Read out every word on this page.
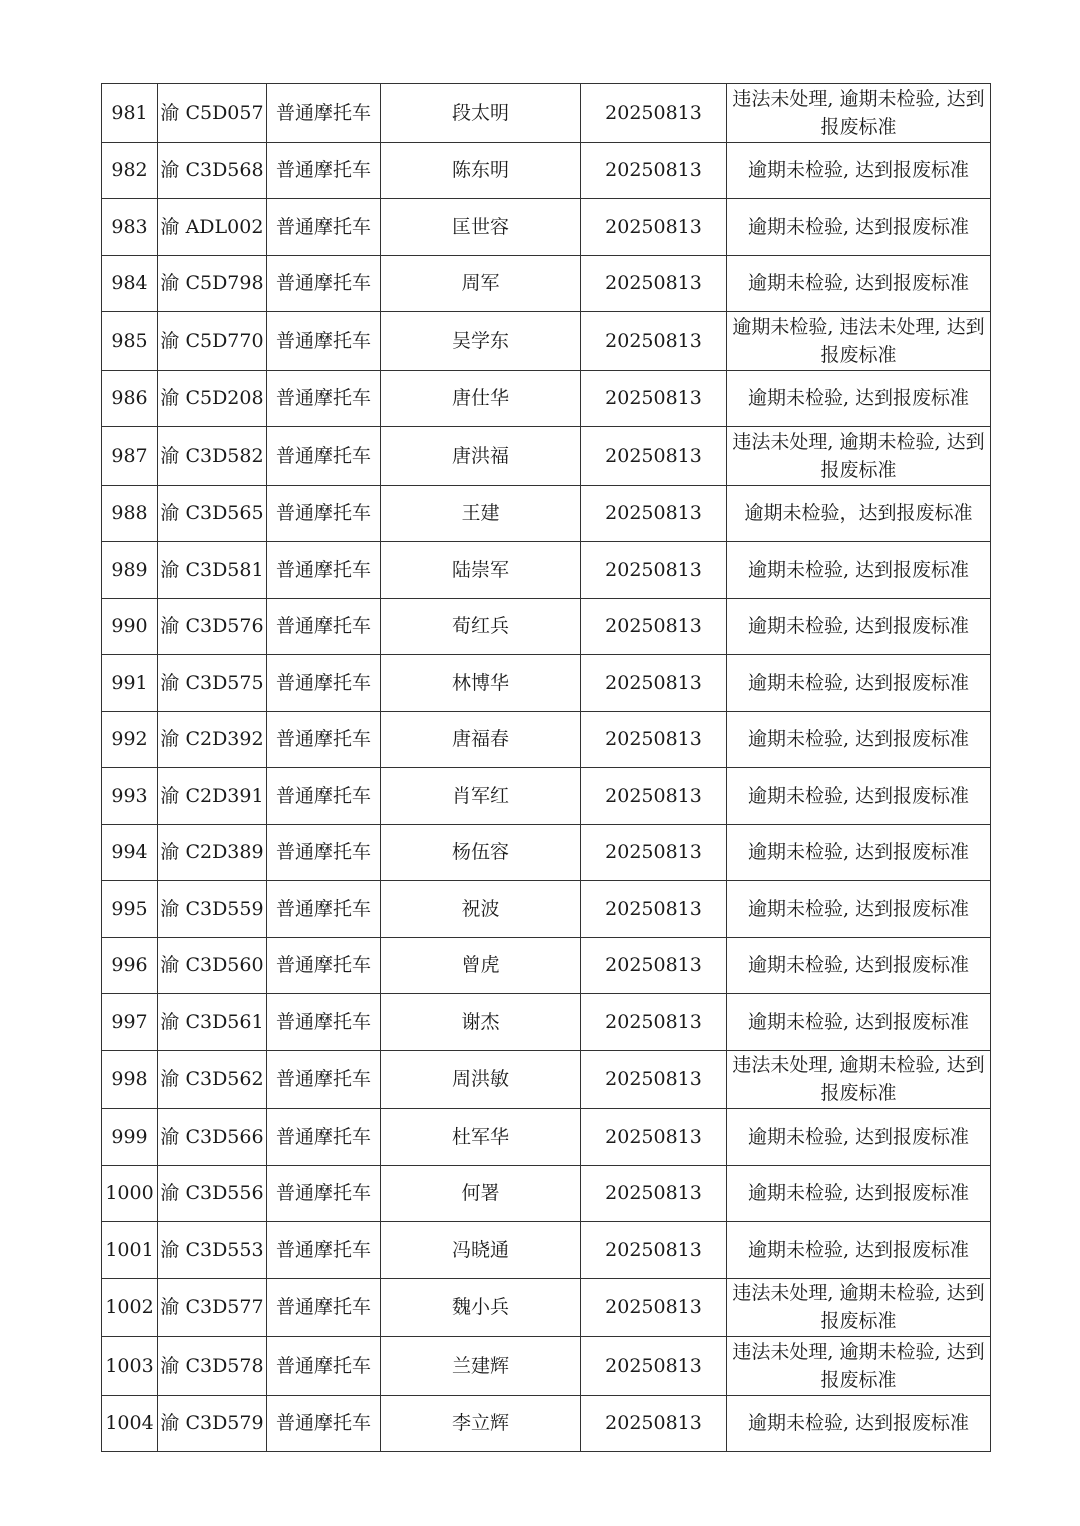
981	渝 C5D057	普通摩托车	段太明	20250813	违法未处理, 逾期未检验, 达到报废标准
982	渝 C3D568	普通摩托车	陈东明	20250813	逾期未检验, 达到报废标准
983	渝 ADL002	普通摩托车	匡世容	20250813	逾期未检验, 达到报废标准
984	渝 C5D798	普通摩托车	周军	20250813	逾期未检验, 达到报废标准
985	渝 C5D770	普通摩托车	吴学东	20250813	逾期未检验, 违法未处理, 达到报废标准
986	渝 C5D208	普通摩托车	唐仕华	20250813	逾期未检验, 达到报废标准
987	渝 C3D582	普通摩托车	唐洪福	20250813	违法未处理, 逾期未检验, 达到报废标准
988	渝 C3D565	普通摩托车	王建	20250813	逾期未检验，达到报废标准
989	渝 C3D581	普通摩托车	陆崇军	20250813	逾期未检验, 达到报废标准
990	渝 C3D576	普通摩托车	荀红兵	20250813	逾期未检验, 达到报废标准
991	渝 C3D575	普通摩托车	林博华	20250813	逾期未检验, 达到报废标准
992	渝 C2D392	普通摩托车	唐福春	20250813	逾期未检验, 达到报废标准
993	渝 C2D391	普通摩托车	肖军红	20250813	逾期未检验, 达到报废标准
994	渝 C2D389	普通摩托车	杨伍容	20250813	逾期未检验, 达到报废标准
995	渝 C3D559	普通摩托车	祝波	20250813	逾期未检验, 达到报废标准
996	渝 C3D560	普通摩托车	曾虎	20250813	逾期未检验, 达到报废标准
997	渝 C3D561	普通摩托车	谢杰	20250813	逾期未检验, 达到报废标准
998	渝 C3D562	普通摩托车	周洪敏	20250813	违法未处理, 逾期未检验, 达到报废标准
999	渝 C3D566	普通摩托车	杜军华	20250813	逾期未检验, 达到报废标准
1000	渝 C3D556	普通摩托车	何署	20250813	逾期未检验, 达到报废标准
1001	渝 C3D553	普通摩托车	冯晓通	20250813	逾期未检验, 达到报废标准
1002	渝 C3D577	普通摩托车	魏小兵	20250813	违法未处理, 逾期未检验, 达到报废标准
1003	渝 C3D578	普通摩托车	兰建辉	20250813	违法未处理, 逾期未检验, 达到报废标准
1004	渝 C3D579	普通摩托车	李立辉	20250813	逾期未检验, 达到报废标准
